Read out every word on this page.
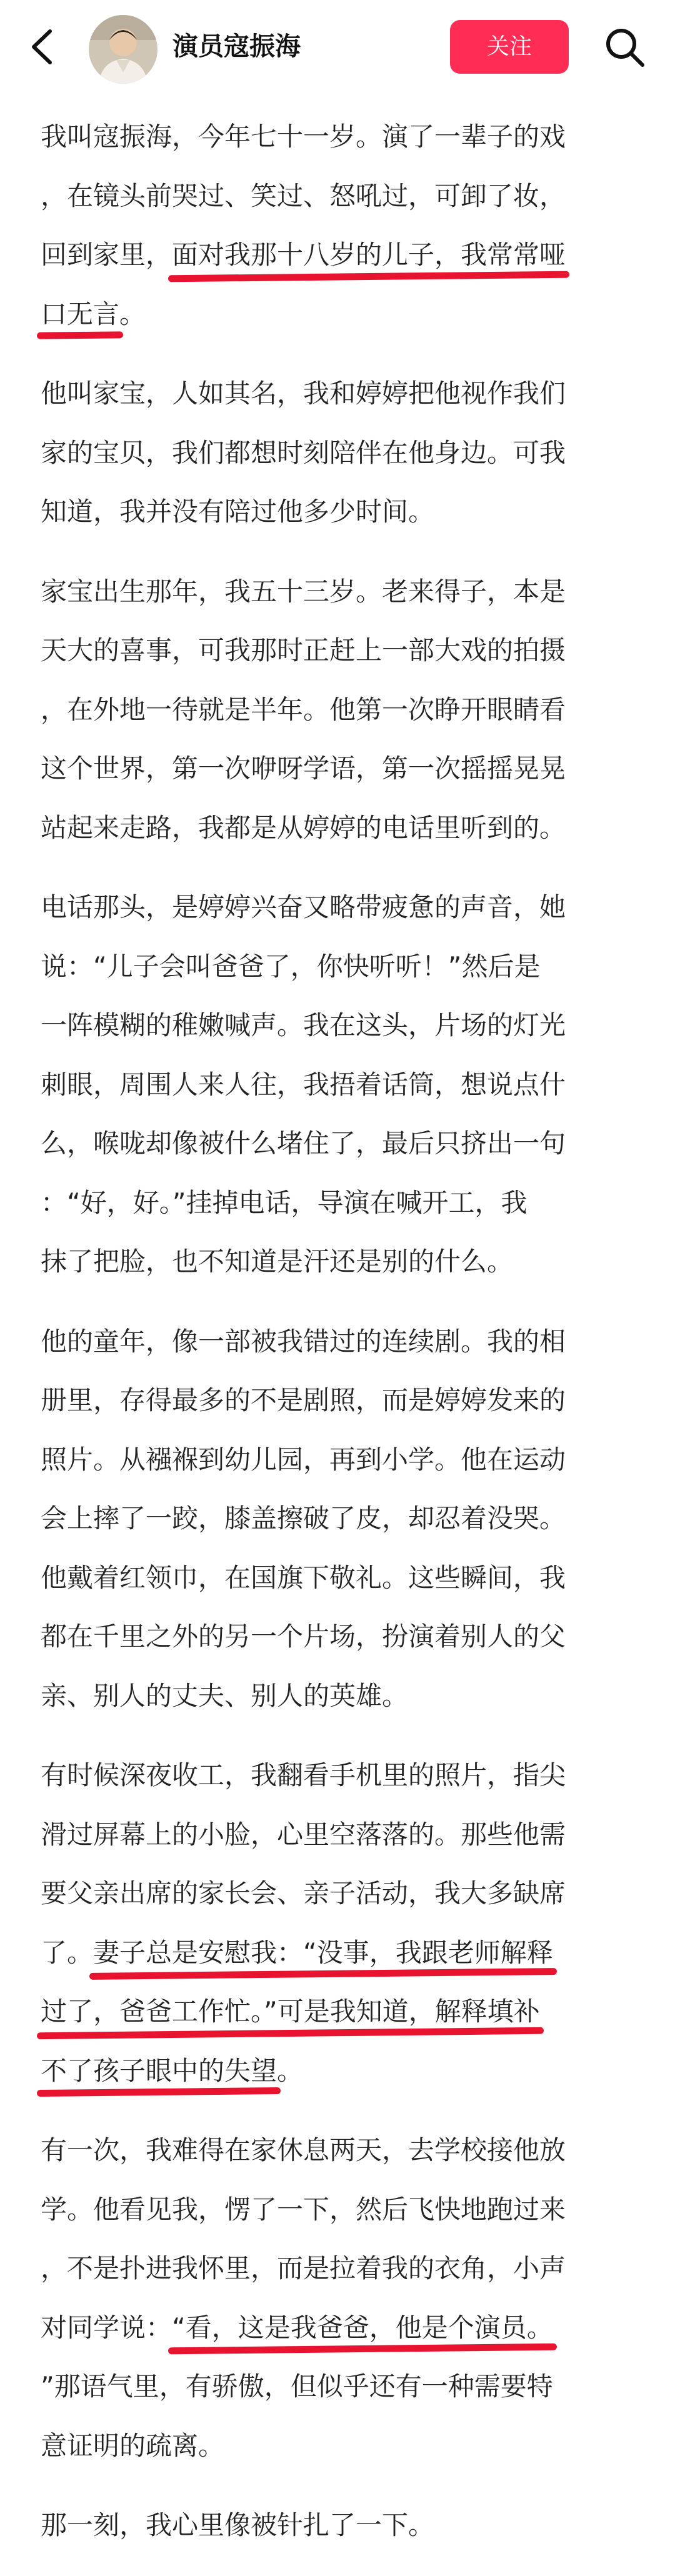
演员寇振海	关注
我叫寇振海，今年七十一岁。演了一辈子的戏
，在镜头前哭过、笑过、怒吼过，可卸了妆，
回到家里，面对我那十八岁的儿子，我常常哑
口无言
。
他叫家宝，人如其名，我和婷婷把他视作我们
家的宝贝，我们都想时刻陪伴在他身边。可我
知道，我并没有陪过他多少时间。
家宝出生那年，我五十三岁。老来得子，本是
天大的喜事，可我那时正赶上一部大戏的拍摄
，在外地一待就是半年。他第一次睁开眼睛看
这个世界，第一次咿呀学语，第一次摇摇晃晃
站起来走路，我都是从婷婷的电话里听到的。
电话那头，是婷婷兴奋又略带疲惫的声音，她
说：“儿子会叫爸爸了，你快听听！”然后是
一阵模糊的稚嫩喊声。我在这头，片场的灯光
刺眼，周围人来人往，我捂着话筒，想说点什
么，喉咙却像被什么堵住了，最后只挤出一句
：“好，好。”挂掉电话，导演在喊开工，我
抹了把脸，也不知道是汗还是别的什么。
他的童年，像一部被我错过的连续剧。我的相
册里，存得最多的不是剧照，而是婷婷发来的
照片。从襁褓到幼儿园，再到小学。他在运动
会上摔了一跤，膝盖擦破了皮，却忍着没哭。
他戴着红领巾，在国旗下敬礼。这些瞬间，我
都在千里之外的另一个片场，扮演着别人的父
亲、别人的丈夫、别人的英雄。
有时候深夜收工，我翻看手机里的照片，指尖
滑过屏幕上的小脸，心里空落落的。那些他需
要父亲出席的家长会、亲子活动，我大多缺席
了。妻子总是安慰我：“没事，我跟老师解释
过了，爸爸工作忙。”可是我知道，解释填补
不了孩子眼中的失望
。
有一次，我难得在家休息两天，去学校接他放
学。他看见我，愣了一下，然后飞快地跑过来
，不是扑进我怀里，而是拉着我的衣角，小声
对同学说：“看，这是我爸爸，他是个演员。
”那语气里，有骄傲，但似乎还有一种需要特
意证明的疏离。
那一刻，我心里像被针扎了一下。
